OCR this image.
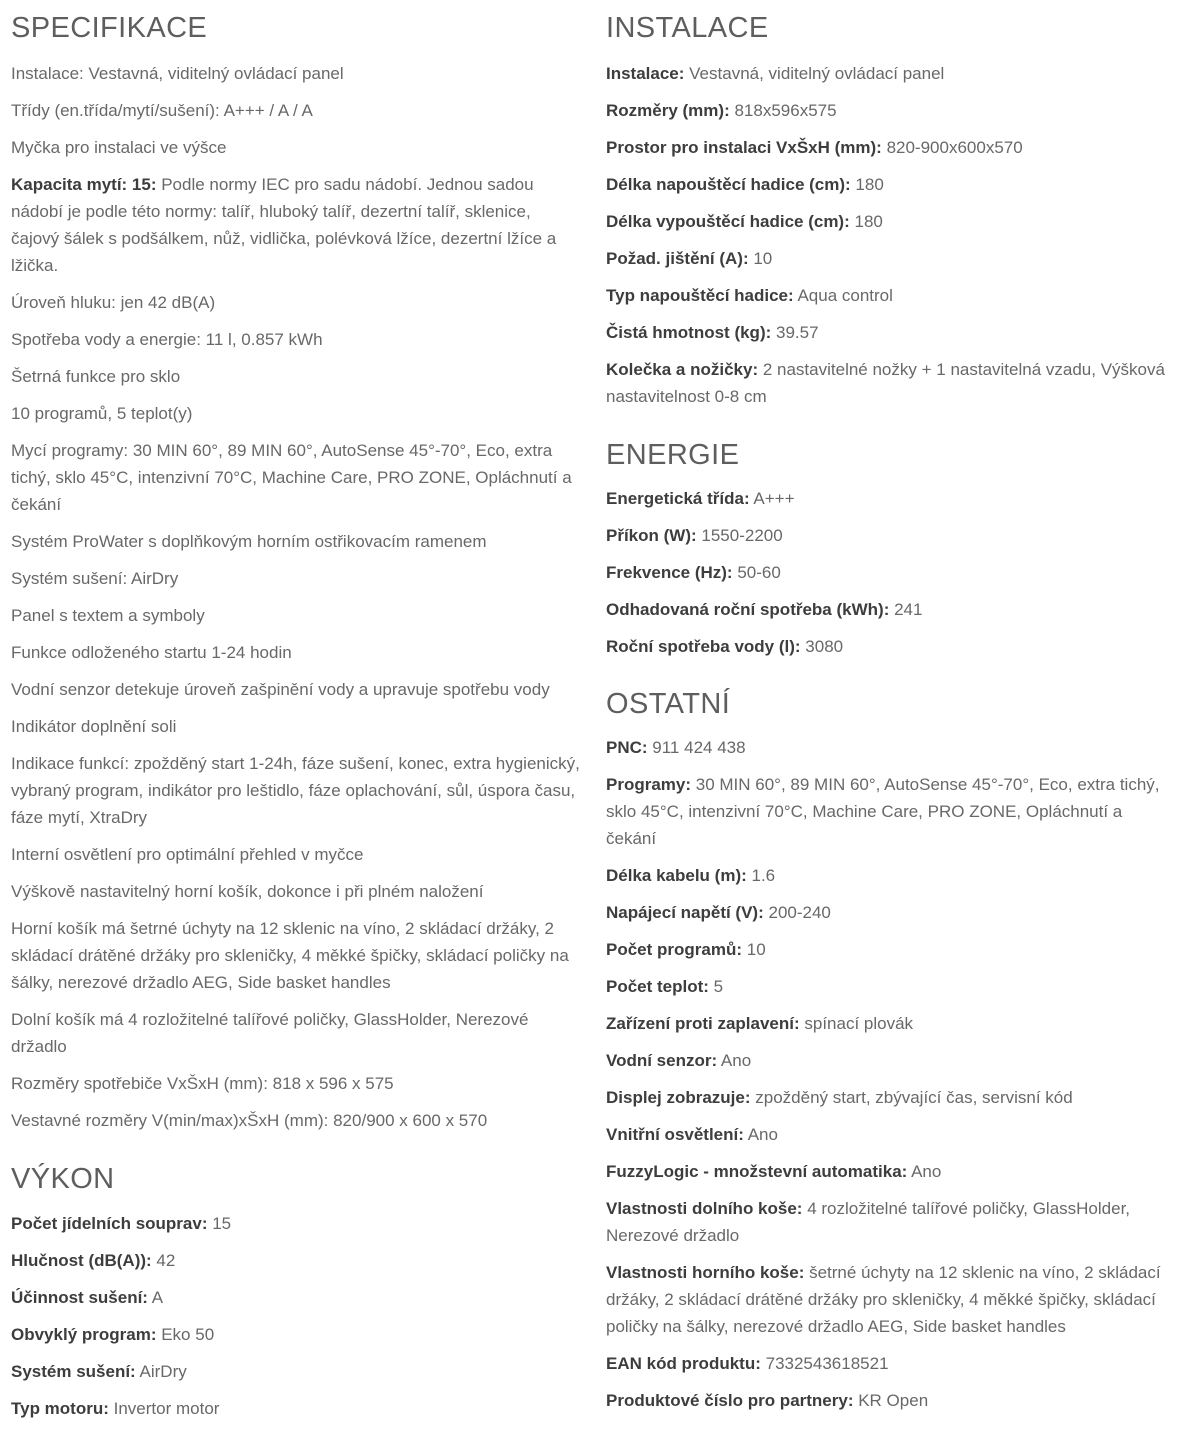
SPECIFIKACE
Instalace: Vestavná, viditelný ovládací panel
Třídy (en.třída/mytí/sušení): A+++ / A / A
Myčka pro instalaci ve výšce
Kapacita mytí: 15: Podle normy IEC pro sadu nádobí. Jednou sadou nádobí je podle této normy: talíř, hluboký talíř, dezertní talíř, sklenice, čajový šálek s podšálkem, nůž, vidlička, polévková lžíce, dezertní lžíce a lžička.
Úroveň hluku: jen 42 dB(A)
Spotřeba vody a energie: 11 l, 0.857 kWh
Šetrná funkce pro sklo
10 programů, 5 teplot(y)
Mycí programy: 30 MIN 60°, 89 MIN 60°, AutoSense 45°-70°, Eco, extra tichý, sklo 45°C, intenzivní 70°C, Machine Care, PRO ZONE, Opláchnutí a čekání
Systém ProWater s doplňkovým horním ostřikovacím ramenem
Systém sušení: AirDry
Panel s textem a symboly
Funkce odloženého startu 1-24 hodin
Vodní senzor detekuje úroveň zašpinění vody a upravuje spotřebu vody
Indikátor doplnění soli
Indikace funkcí: zpožděný start 1-24h, fáze sušení, konec, extra hygienický, vybraný program, indikátor pro leštidlo, fáze oplachování, sůl, úspora času, fáze mytí, XtraDry
Interní osvětlení pro optimální přehled v myčce
Výškově nastavitelný horní košík, dokonce i při plném naložení
Horní košík má šetrné úchyty na 12 sklenic na víno, 2 skládací držáky, 2 skládací drátěné držáky pro skleničky, 4 měkké špičky, skládací poličky na šálky, nerezové držadlo AEG, Side basket handles
Dolní košík má 4 rozložitelné talířové poličky, GlassHolder, Nerezové držadlo
Rozměry spotřebiče VxŠxH (mm): 818 x 596 x 575
Vestavné rozměry V(min/max)xŠxH (mm): 820/900 x 600 x 570
VÝKON
Počet jídelních souprav: 15
Hlučnost (dB(A)): 42
Účinnost sušení: A
Obvyklý program: Eko 50
Systém sušení: AirDry
Typ motoru: Invertor motor
INSTALACE
Instalace: Vestavná, viditelný ovládací panel
Rozměry (mm): 818x596x575
Prostor pro instalaci VxŠxH (mm): 820-900x600x570
Délka napouštěcí hadice (cm): 180
Délka vypouštěcí hadice (cm): 180
Požad. jištění (A): 10
Typ napouštěcí hadice: Aqua control
Čistá hmotnost (kg): 39.57
Kolečka a nožičky: 2 nastavitelné nožky + 1 nastavitelná vzadu, Výšková nastavitelnost 0-8 cm
ENERGIE
Energetická třída: A+++
Příkon (W): 1550-2200
Frekvence (Hz): 50-60
Odhadovaná roční spotřeba (kWh): 241
Roční spotřeba vody (l): 3080
OSTATNÍ
PNC: 911 424 438
Programy: 30 MIN 60°, 89 MIN 60°, AutoSense 45°-70°, Eco, extra tichý, sklo 45°C, intenzivní 70°C, Machine Care, PRO ZONE, Opláchnutí a čekání
Délka kabelu (m): 1.6
Napájecí napětí (V): 200-240
Počet programů: 10
Počet teplot: 5
Zařízení proti zaplavení: spínací plovák
Vodní senzor: Ano
Displej zobrazuje: zpožděný start, zbývající čas, servisní kód
Vnitřní osvětlení: Ano
FuzzyLogic - množstevní automatika: Ano
Vlastnosti dolního koše: 4 rozložitelné talířové poličky, GlassHolder, Nerezové držadlo
Vlastnosti horního koše: šetrné úchyty na 12 sklenic na víno, 2 skládací držáky, 2 skládací drátěné držáky pro skleničky, 4 měkké špičky, skládací poličky na šálky, nerezové držadlo AEG, Side basket handles
EAN kód produktu: 7332543618521
Produktové číslo pro partnery: KR Open
